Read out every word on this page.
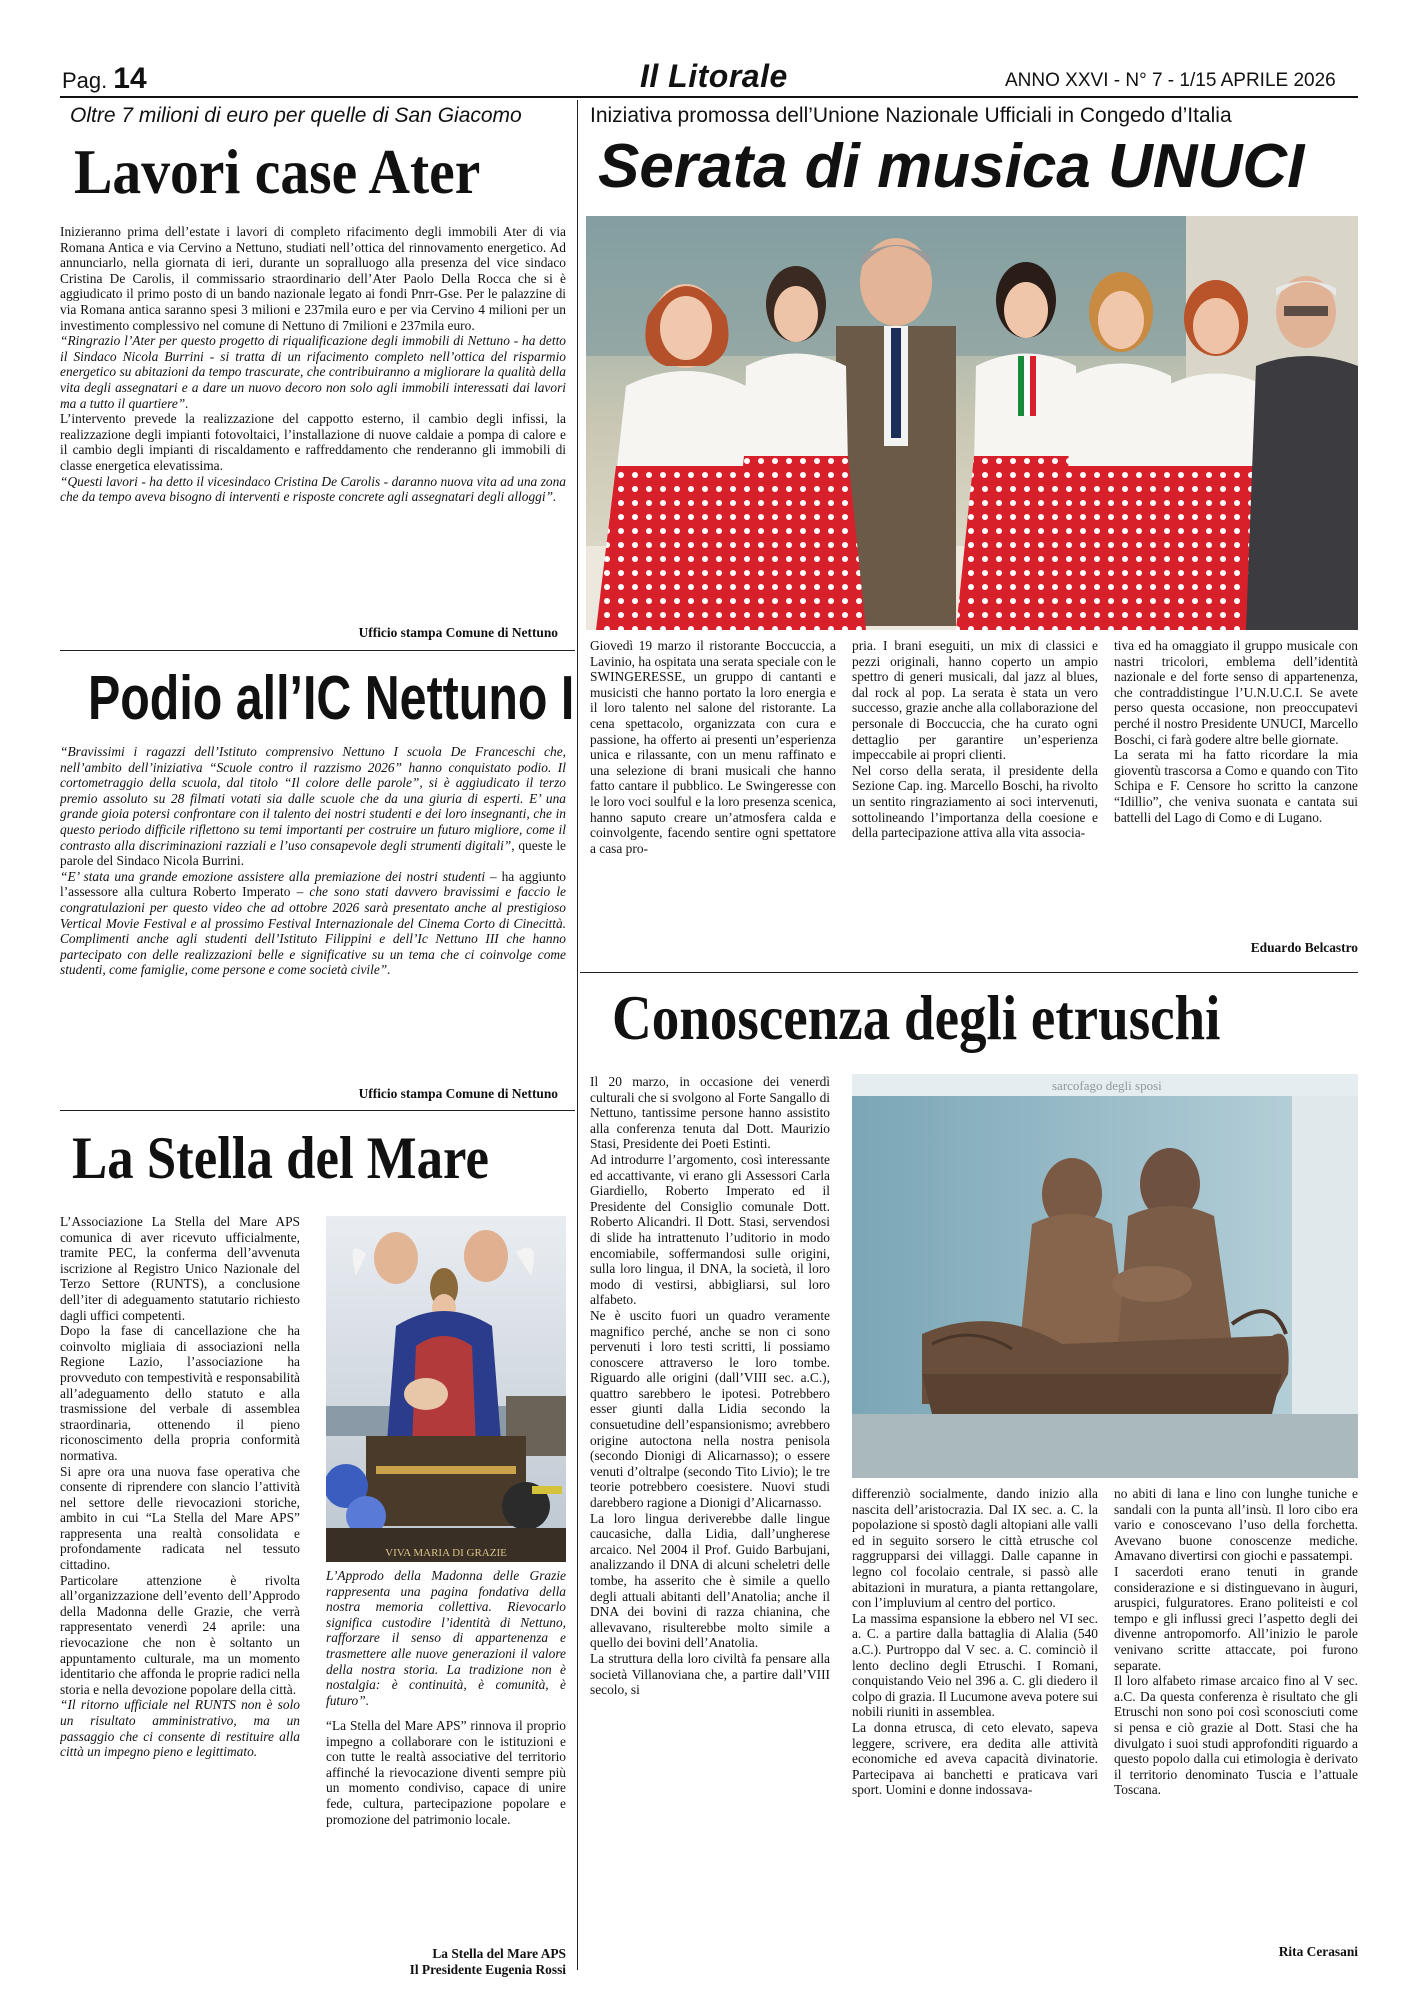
Pag. 14	Il Litorale	ANNO XXVI - N° 7 - 1/15 APRILE 2026
Oltre 7 milioni di euro per quelle di San Giacomo
Lavori case Ater

Inizieranno prima dell’estate i lavori di completo rifacimento degli immobili Ater di via Romana Antica e via Cervino a Nettuno, studiati nell’ottica del rinnovamento energetico. Ad annunciarlo, nella giornata di ieri, durante un sopralluogo alla presenza del vice sindaco Cristina De Carolis, il commissario straordinario dell’Ater Paolo Della Rocca che si è aggiudicato il primo posto di un bando nazionale legato ai fondi Pnrr-Gse. Per le palazzine di via Romana antica saranno spesi 3 milioni e 237mila euro e per via Cervino 4 milioni per un investimento complessivo nel comune di Nettuno di 7milioni e 237mila euro.

“Ringrazio l’Ater per questo progetto di riqualificazione degli immobili di Nettuno - ha detto il Sindaco Nicola Burrini - si tratta di un rifacimento completo nell’ottica del risparmio energetico su abitazioni da tempo trascurate, che contribuiranno a migliorare la qualità della vita degli assegnatari e a dare un nuovo decoro non solo agli immobili interessati dai lavori ma a tutto il quartiere”.

L’intervento prevede la realizzazione del cappotto esterno, il cambio degli infissi, la realizzazione degli impianti fotovoltaici, l’installazione di nuove caldaie a pompa di calore e il cambio degli impianti di riscaldamento e raffreddamento che renderanno gli immobili di classe energetica elevatissima.

“Questi lavori - ha detto il vicesindaco Cristina De Carolis - daranno nuova vita ad una zona che da tempo aveva bisogno di interventi e risposte concrete agli assegnatari degli alloggi”.

Ufficio stampa Comune di Nettuno
Podio all’IC Nettuno I

“Bravissimi i ragazzi dell’Istituto comprensivo Nettuno I scuola De Franceschi che, nell’ambito dell’iniziativa “Scuole contro il razzismo 2026” hanno conquistato podio. Il cortometraggio della scuola, dal titolo “Il colore delle parole”, si è aggiudicato il terzo premio assoluto su 28 filmati votati sia dalle scuole che da una giuria di esperti. E’ una grande gioia potersi confrontare con il talento dei nostri studenti e dei loro insegnanti, che in questo periodo difficile riflettono su temi importanti per costruire un futuro migliore, come il contrasto alla discriminazioni razziali e l’uso consapevole degli strumenti digitali”, queste le parole del Sindaco Nicola Burrini.

“E’ stata una grande emozione assistere alla premiazione dei nostri studenti – ha aggiunto l’assessore alla cultura Roberto Imperato – che sono stati davvero bravissimi e faccio le congratulazioni per questo video che ad ottobre 2026 sarà presentato anche al prestigioso Vertical Movie Festival e al prossimo Festival Internazionale del Cinema Corto di Cinecittà. Complimenti anche agli studenti dell’Istituto Filippini e dell’Ic Nettuno III che hanno partecipato con delle realizzazioni belle e significative su un tema che ci coinvolge come studenti, come famiglie, come persone e come società civile”.

Ufficio stampa Comune di Nettuno
La Stella del Mare

L’Associazione La Stella del Mare APS comunica di aver ricevuto ufficialmente, tramite PEC, la conferma dell’avvenuta iscrizione al Registro Unico Nazionale del Terzo Settore (RUNTS), a conclusione dell’iter di adeguamento statutario richiesto dagli uffici competenti.

Dopo la fase di cancellazione che ha coinvolto migliaia di associazioni nella Regione Lazio, l’associazione ha provveduto con tempestività e responsabilità all’adeguamento dello statuto e alla trasmissione del verbale di assemblea straordinaria, ottenendo il pieno riconoscimento della propria conformità normativa.

Si apre ora una nuova fase operativa che consente di riprendere con slancio l’attività nel settore delle rievocazioni storiche, ambito in cui “La Stella del Mare APS” rappresenta una realtà consolidata e profondamente radicata nel tessuto cittadino.

Particolare attenzione è rivolta all’organizzazione dell’evento dell’Approdo della Madonna delle Grazie, che verrà rappresentato venerdì 24 aprile: una rievocazione che non è soltanto un appuntamento culturale, ma un momento identitario che affonda le proprie radici nella storia e nella devozione popolare della città.

“Il ritorno ufficiale nel RUNTS non è solo un risultato amministrativo, ma un passaggio che ci consente di restituire alla città un impegno pieno e legittimato.

VIVA MARIA DI GRAZIE
L’Approdo della Madonna delle Grazie rappresenta una pagina fondativa della nostra memoria collettiva. Rievocarlo significa custodire l’identità di Nettuno, rafforzare il senso di appartenenza e trasmettere alle nuove generazioni il valore della nostra storia. La tradizione non è nostalgia: è continuità, è comunità, è futuro”.

“La Stella del Mare APS” rinnova il proprio impegno a collaborare con le istituzioni e con tutte le realtà associative del territorio affinché la rievocazione diventi sempre più un momento condiviso, capace di unire fede, cultura, partecipazione popolare e promozione del patrimonio locale.

La Stella del Mare APS
Il Presidente Eugenia Rossi
Iniziativa promossa dell’Unione Nazionale Ufficiali in Congedo d’Italia
Serata di musica UNUCI

Giovedì 19 marzo il ristorante Boccuccia, a Lavinio, ha ospitata una serata speciale con le SWINGERESSE, un gruppo di cantanti e musicisti che hanno portato la loro energia e il loro talento nel salone del ristorante. La cena spettacolo, organizzata con cura e passione, ha offerto ai presenti un’esperienza unica e rilassante, con un menu raffinato e una selezione di brani musicali che hanno fatto cantare il pubblico. Le Swingeresse con le loro voci soulful e la loro presenza scenica, hanno saputo creare un’atmosfera calda e coinvolgente, facendo sentire ogni spettatore a casa pro-

pria. I brani eseguiti, un mix di classici e pezzi originali, hanno coperto un ampio spettro di generi musicali, dal jazz al blues, dal rock al pop. La serata è stata un vero successo, grazie anche alla collaborazione del personale di Boccuccia, che ha curato ogni dettaglio per garantire un’esperienza impeccabile ai propri clienti.

Nel corso della serata, il presidente della Sezione Cap. ing. Marcello Boschi, ha rivolto un sentito ringraziamento ai soci intervenuti, sottolineando l’importanza della coesione e della partecipazione attiva alla vita associa-

tiva ed ha omaggiato il gruppo musicale con nastri tricolori, emblema dell’identità nazionale e del forte senso di appartenenza, che contraddistingue l’U.N.U.C.I. Se avete perso questa occasione, non preoccupatevi perché il nostro Presidente UNUCI, Marcello Boschi, ci farà godere altre belle giornate.

La serata mi ha fatto ricordare la mia gioventù trascorsa a Como e quando con Tito Schipa e F. Censore ho scritto la canzone “Idillio”, che veniva suonata e cantata sui battelli del Lago di Como e di Lugano.

Eduardo Belcastro
Conoscenza degli etruschi

Il 20 marzo, in occasione dei venerdì culturali che si svolgono al Forte Sangallo di Nettuno, tantissime persone hanno assistito alla conferenza tenuta dal Dott. Maurizio Stasi, Presidente dei Poeti Estinti.

Ad introdurre l’argomento, così interessante ed accattivante, vi erano gli Assessori Carla Giardiello, Roberto Imperato ed il Presidente del Consiglio comunale Dott. Roberto Alicandri. Il Dott. Stasi, servendosi di slide ha intrattenuto l’uditorio in modo encomiabile, soffermandosi sulle origini, sulla loro lingua, il DNA, la società, il loro modo di vestirsi, abbigliarsi, sul loro alfabeto.

Ne è uscito fuori un quadro veramente magnifico perché, anche se non ci sono pervenuti i loro testi scritti, li possiamo conoscere attraverso le loro tombe. Riguardo alle origini (dall’VIII sec. a.C.), quattro sarebbero le ipotesi. Potrebbero esser giunti dalla Lidia secondo la consuetudine dell’espansionismo; avrebbero origine autoctona nella nostra penisola (secondo Dionigi di Alicarnasso); o essere venuti d’oltralpe (secondo Tito Livio); le tre teorie potrebbero coesistere. Nuovi studi darebbero ragione a Dionigi d’Alicarnasso.

La loro lingua deriverebbe dalle lingue caucasiche, dalla Lidia, dall’ungherese arcaico. Nel 2004 il Prof. Guido Barbujani, analizzando il DNA di alcuni scheletri delle tombe, ha asserito che è simile a quello degli attuali abitanti dell’Anatolia; anche il DNA dei bovini di razza chianina, che allevavano, risulterebbe molto simile a quello dei bovini dell’Anatolia.

La struttura della loro civiltà fa pensare alla società Villanoviana che, a partire dall’VIII secolo, si

sarcofago degli sposi

differenziò socialmente, dando inizio alla nascita dell’aristocrazia. Dal IX sec. a. C. la popolazione si spostò dagli altopiani alle valli ed in seguito sorsero le città etrusche col raggrupparsi dei villaggi. Dalle capanne in legno col focolaio centrale, si passò alle abitazioni in muratura, a pianta rettangolare, con l’impluvium al centro del portico.

La massima espansione la ebbero nel VI sec. a. C. a partire dalla battaglia di Alalia (540 a.C.). Purtroppo dal V sec. a. C. cominciò il lento declino degli Etruschi. I Romani, conquistando Veio nel 396 a. C. gli diedero il colpo di grazia. Il Lucumone aveva potere sui nobili riuniti in assemblea.

La donna etrusca, di ceto elevato, sapeva leggere, scrivere, era dedita alle attività economiche ed aveva capacità divinatorie. Partecipava ai banchetti e praticava vari sport. Uomini e donne indossava-

no abiti di lana e lino con lunghe tuniche e sandali con la punta all’insù. Il loro cibo era vario e conoscevano l’uso della forchetta. Avevano buone conoscenze mediche. Amavano divertirsi con giochi e passatempi.

I sacerdoti erano tenuti in grande considerazione e si distinguevano in àuguri, aruspici, fulguratores. Erano politeisti e col tempo e gli influssi greci l’aspetto degli dei divenne antropomorfo. All’inizio le parole venivano scritte attaccate, poi furono separate.

Il loro alfabeto rimase arcaico fino al V sec. a.C. Da questa conferenza è risultato che gli Etruschi non sono poi così sconosciuti come si pensa e ciò grazie al Dott. Stasi che ha divulgato i suoi studi approfonditi riguardo a questo popolo dalla cui etimologia è derivato il territorio denominato Tuscia e l’attuale Toscana.

Rita Cerasani
